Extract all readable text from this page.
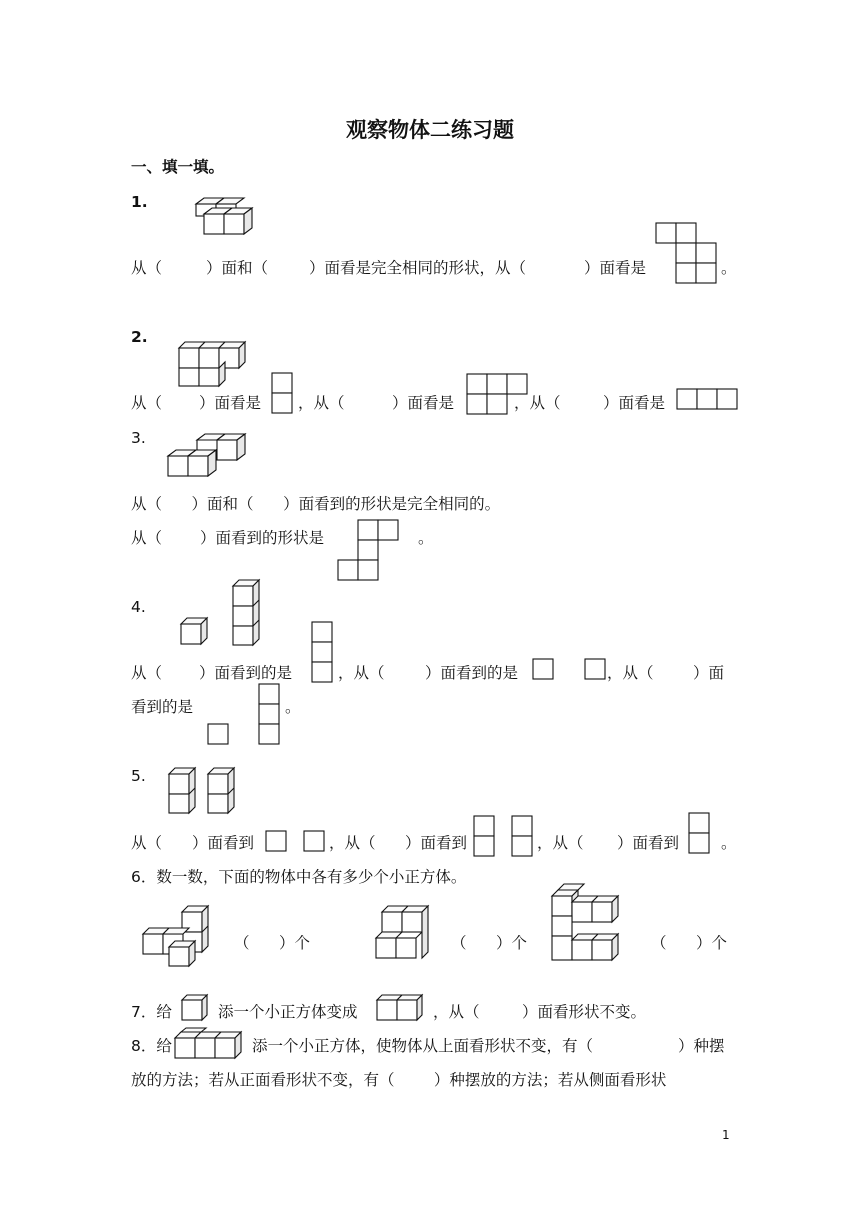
观察物体二练习题
一、填一填。
1.
从（	）面和（	）面看是完全相同的形状，从（	）面看是	。
2.
从（ ）面看是 ，从（	）面看是	，从（	）面看是
3.
从（      ）面和（      ）面看到的形状是完全相同的。
从（ ）面看到的形状是	。
4.
从（ ）面看到的是	，从（	）面看到的是	，从（	）面
看到的是	。
5.
从（ ）面看到	，从（ ）面看到	，从（ ）面看到	。
6．数一数，下面的物体中各有多少个小正方体。
（      ）个	（      ）个	（      ）个
7．给	添一个小正方体变成	，从（	）面看形状不变。
8．给	添一个小正方体，使物体从上面看形状不变，有（	）种摆
放的方法；若从正面看形状不变，有（        ）种摆放的方法；若从侧面看形状
1
